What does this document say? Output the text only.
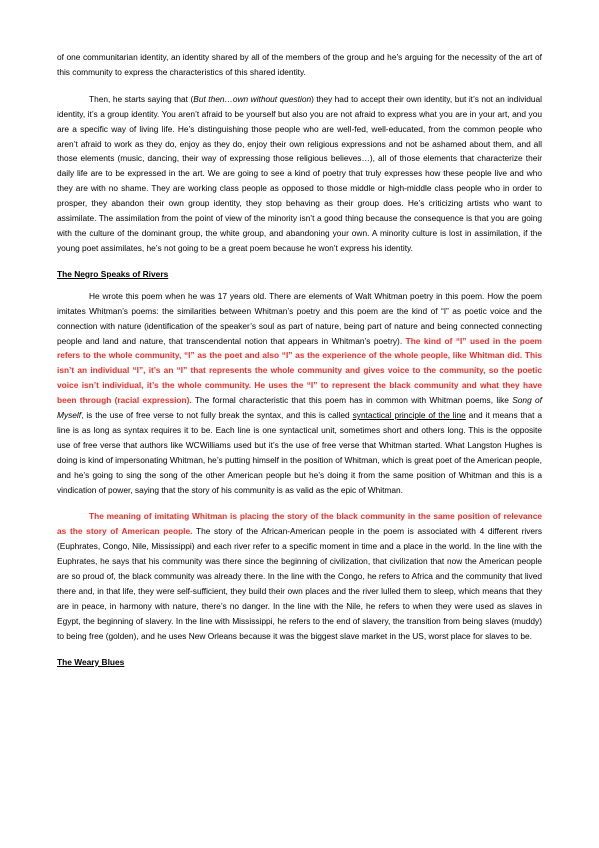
of one communitarian identity, an identity shared by all of the members of the group and he’s arguing for the necessity of the art of this community to express the characteristics of this shared identity.

Then, he starts saying that (But then…own without question) they had to accept their own identity, but it’s not an individual identity, it’s a group identity. You aren’t afraid to be yourself but also you are not afraid to express what you are in your art, and you are a specific way of living life. He’s distinguishing those people who are well-fed, well-educated, from the common people who aren’t afraid to work as they do, enjoy as they do, enjoy their own religious expressions and not be ashamed about them, and all those elements (music, dancing, their way of expressing those religious believes…), all of those elements that characterize their daily life are to be expressed in the art. We are going to see a kind of poetry that truly expresses how these people live and who they are with no shame. They are working class people as opposed to those middle or high-middle class people who in order to prosper, they abandon their own group identity, they stop behaving as their group does. He’s criticizing artists who want to assimilate. The assimilation from the point of view of the minority isn’t a good thing because the consequence is that you are going with the culture of the dominant group, the white group, and abandoning your own. A minority culture is lost in assimilation, if the young poet assimilates, he’s not going to be a great poem because he won’t express his identity.

The Negro Speaks of Rivers

He wrote this poem when he was 17 years old. There are elements of Walt Whitman poetry in this poem. How the poem imitates Whitman’s poems: the similarities between Whitman’s poetry and this poem are the kind of “I” as poetic voice and the connection with nature (identification of the speaker’s soul as part of nature, being part of nature and being connected connecting people and land and nature, that transcendental notion that appears in Whitman’s poetry). The kind of “I” used in the poem refers to the whole community, “I” as the poet and also “I” as the experience of the whole people, like Whitman did. This isn’t an individual “I”, it’s an “I” that represents the whole community and gives voice to the community, so the poetic voice isn’t individual, it’s the whole community. He uses the “I” to represent the black community and what they have been through (racial expression). The formal characteristic that this poem has in common with Whitman poems, like Song of Myself, is the use of free verse to not fully break the syntax, and this is called syntactical principle of the line and it means that a line is as long as syntax requires it to be. Each line is one syntactical unit, sometimes short and others long. This is the opposite use of free verse that authors like WCWilliams used but it’s the use of free verse that Whitman started. What Langston Hughes is doing is kind of impersonating Whitman, he’s putting himself in the position of Whitman, which is great poet of the American people, and he’s going to sing the song of the other American people but he’s doing it from the same position of Whitman and this is a vindication of power, saying that the story of his community is as valid as the epic of Whitman.

The meaning of imitating Whitman is placing the story of the black community in the same position of relevance as the story of American people. The story of the African-American people in the poem is associated with 4 different rivers (Euphrates, Congo, Nile, Mississippi) and each river refer to a specific moment in time and a place in the world. In the line with the Euphrates, he says that his community was there since the beginning of civilization, that civilization that now the American people are so proud of, the black community was already there. In the line with the Congo, he refers to Africa and the community that lived there and, in that life, they were self-sufficient, they build their own places and the river lulled them to sleep, which means that they are in peace, in harmony with nature, there’s no danger. In the line with the Nile, he refers to when they were used as slaves in Egypt, the beginning of slavery. In the line with Mississippi, he refers to the end of slavery, the transition from being slaves (muddy) to being free (golden), and he uses New Orleans because it was the biggest slave market in the US, worst place for slaves to be.

The Weary Blues
